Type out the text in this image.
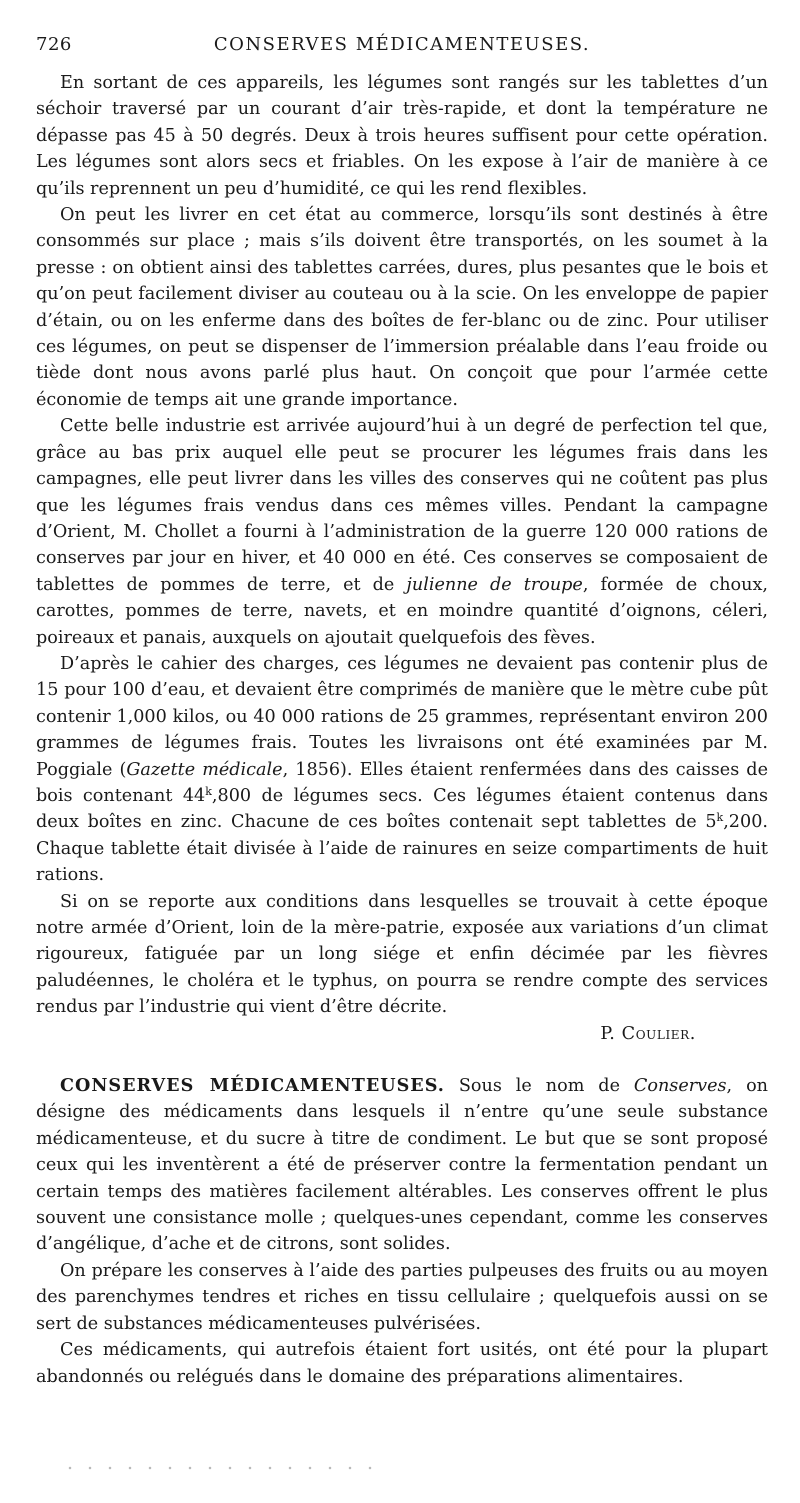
726	CONSERVES MÉDICAMENTEUSES.

En sortant de ces appareils, les légumes sont rangés sur les tablettes d’un séchoir traversé par un courant d’air très-rapide, et dont la température ne dépasse pas 45 à 50 degrés. Deux à trois heures suffisent pour cette opération. Les légumes sont alors secs et friables. On les expose à l’air de manière à ce qu’ils reprennent un peu d’humidité, ce qui les rend flexibles.

On peut les livrer en cet état au commerce, lorsqu’ils sont destinés à être consommés sur place ; mais s’ils doivent être transportés, on les soumet à la presse : on obtient ainsi des tablettes carrées, dures, plus pesantes que le bois et qu’on peut facilement diviser au couteau ou à la scie. On les enveloppe de papier d’étain, ou on les enferme dans des boîtes de fer-blanc ou de zinc. Pour utiliser ces légumes, on peut se dispenser de l’immersion préalable dans l’eau froide ou tiède dont nous avons parlé plus haut. On conçoit que pour l’armée cette économie de temps ait une grande importance.

Cette belle industrie est arrivée aujourd’hui à un degré de perfection tel que, grâce au bas prix auquel elle peut se procurer les légumes frais dans les campagnes, elle peut livrer dans les villes des conserves qui ne coûtent pas plus que les légumes frais vendus dans ces mêmes villes. Pendant la campagne d’Orient, M. Chollet a fourni à l’administration de la guerre 120 000 rations de conserves par jour en hiver, et 40 000 en été. Ces conserves se composaient de tablettes de pommes de terre, et de julienne de troupe, formée de choux, carottes, pommes de terre, navets, et en moindre quantité d’oignons, céleri, poireaux et panais, auxquels on ajoutait quelquefois des fèves.

D’après le cahier des charges, ces légumes ne devaient pas contenir plus de 15 pour 100 d’eau, et devaient être comprimés de manière que le mètre cube pût contenir 1,000 kilos, ou 40 000 rations de 25 grammes, représentant environ 200 grammes de légumes frais. Toutes les livraisons ont été examinées par M. Poggiale (Gazette médicale, 1856). Elles étaient renfermées dans des caisses de bois contenant 44$^k$,800 de légumes secs. Ces légumes étaient contenus dans deux boîtes en zinc. Chacune de ces boîtes contenait sept tablettes de 5$^k$,200. Chaque tablette était divisée à l’aide de rainures en seize compartiments de huit rations.

Si on se reporte aux conditions dans lesquelles se trouvait à cette époque notre armée d’Orient, loin de la mère-patrie, exposée aux variations d’un climat rigoureux, fatiguée par un long siége et enfin décimée par les fièvres paludéennes, le choléra et le typhus, on pourra se rendre compte des services rendus par l’industrie qui vient d’être décrite.

P. Coulier.

CONSERVES MÉDICAMENTEUSES. Sous le nom de Conserves, on désigne des médicaments dans lesquels il n’entre qu’une seule substance médicamenteuse, et du sucre à titre de condiment. Le but que se sont proposé ceux qui les inventèrent a été de préserver contre la fermentation pendant un certain temps des matières facilement altérables. Les conserves offrent le plus souvent une consistance molle ; quelques-unes cependant, comme les conserves d’angélique, d’ache et de citrons, sont solides.

On prépare les conserves à l’aide des parties pulpeuses des fruits ou au moyen des parenchymes tendres et riches en tissu cellulaire ; quelquefois aussi on se sert de substances médicamenteuses pulvérisées.

Ces médicaments, qui autrefois étaient fort usités, ont été pour la plupart abandonnés ou relégués dans le domaine des préparations alimentaires.
